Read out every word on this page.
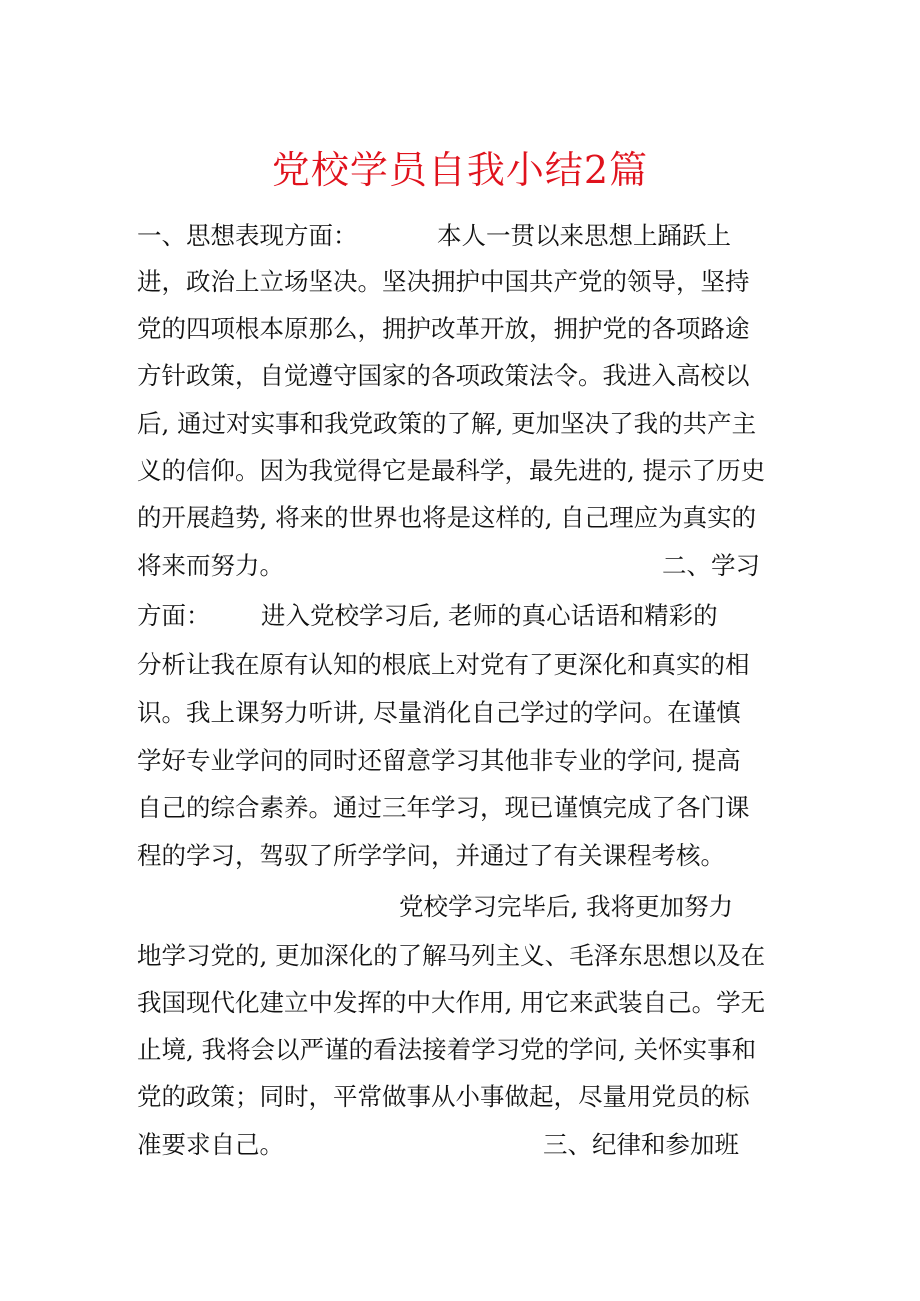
党校学员自我小结2篇
一、思想表现方面：	本人一贯以来思想上踊跃上
进，政治上立场坚决。坚决拥护中国共产党的领导，坚持
党的四项根本原那么，拥护改革开放，拥护党的各项路途
方针政策，自觉遵守国家的各项政策法令。我进入高校以
后, 通过对实事和我党政策的了解, 更加坚决了我的共产主
义的信仰。因为我觉得它是最科学，最先进的, 提示了历史
的开展趋势, 将来的世界也将是这样的, 自己理应为真实的
将来而努力。	二、学习
方面： 进入党校学习后, 老师的真心话语和精彩的
分析让我在原有认知的根底上对党有了更深化和真实的相
识。我上课努力听讲, 尽量消化自己学过的学问。在谨慎
学好专业学问的同时还留意学习其他非专业的学问, 提高
自己的综合素养。通过三年学习，现已谨慎完成了各门课
程的学习，驾驭了所学学问，并通过了有关课程考核。
党校学习完毕后, 我将更加努力
地学习党的, 更加深化的了解马列主义、毛泽东思想以及在
我国现代化建立中发挥的中大作用, 用它来武装自己。学无
止境, 我将会以严谨的看法接着学习党的学问, 关怀实事和
党的政策；同时，平常做事从小事做起，尽量用党员的标
准要求自己。	三、纪律和参加班
